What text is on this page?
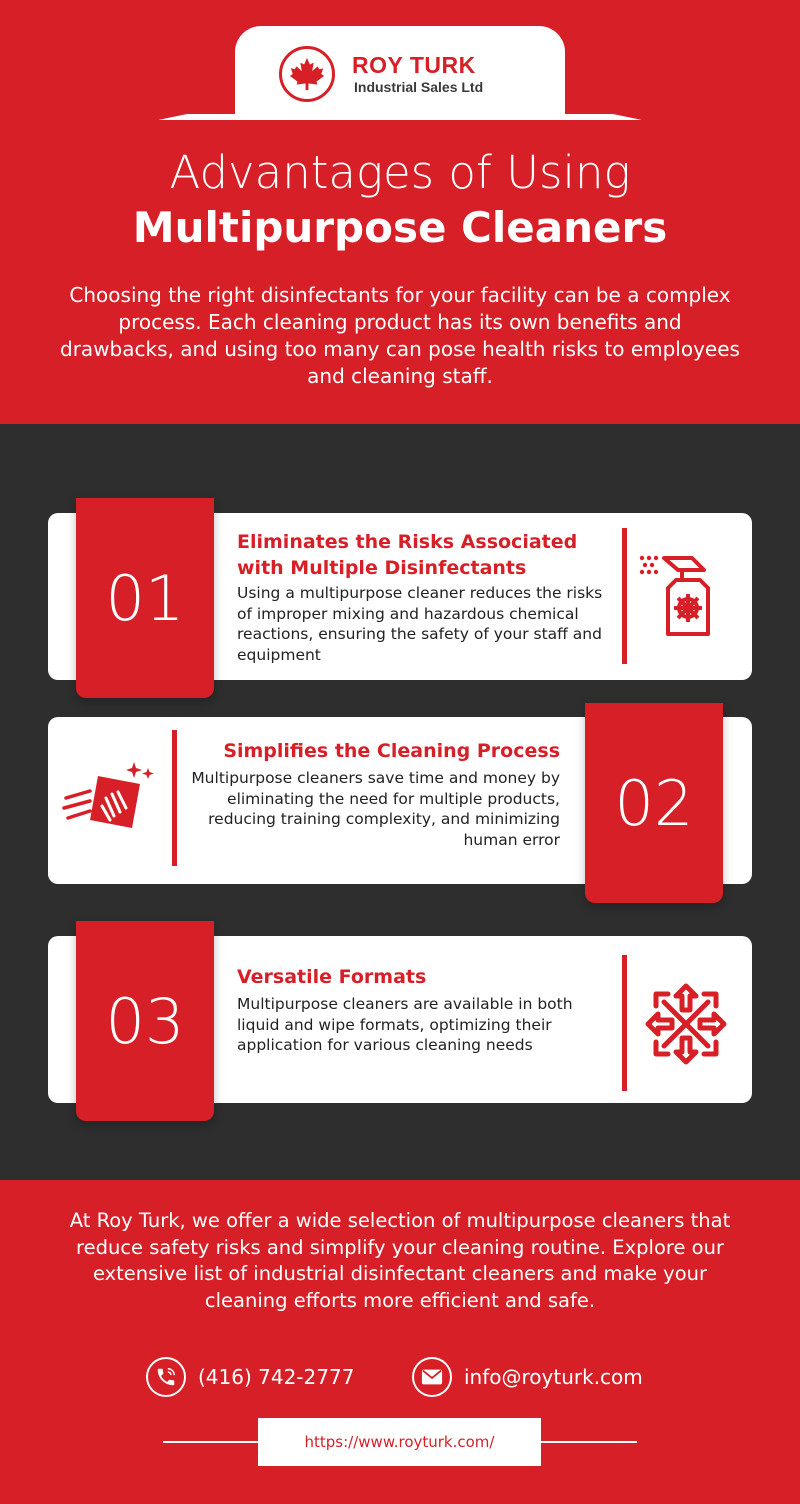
ROY TURK
Industrial Sales Ltd
Advantages of Using
Multipurpose Cleaners
Choosing the right disinfectants for your facility can be a complex process. Each cleaning product has its own benefits and drawbacks, and using too many can pose health risks to employees and cleaning staff.
01
Eliminates the Risks Associated with Multiple Disinfectants
Using a multipurpose cleaner reduces the risks of improper mixing and hazardous chemical reactions, ensuring the safety of your staff and equipment
02
Simplifies the Cleaning Process
Multipurpose cleaners save time and money by eliminating the need for multiple products, reducing training complexity, and minimizing human error
03
Versatile Formats
Multipurpose cleaners are available in both liquid and wipe formats, optimizing their application for various cleaning needs
At Roy Turk, we offer a wide selection of multipurpose cleaners that reduce safety risks and simplify your cleaning routine. Explore our extensive list of industrial disinfectant cleaners and make your cleaning efforts more efficient and safe.
(416) 742-2777	info@royturk.com
https://www.royturk.com/
